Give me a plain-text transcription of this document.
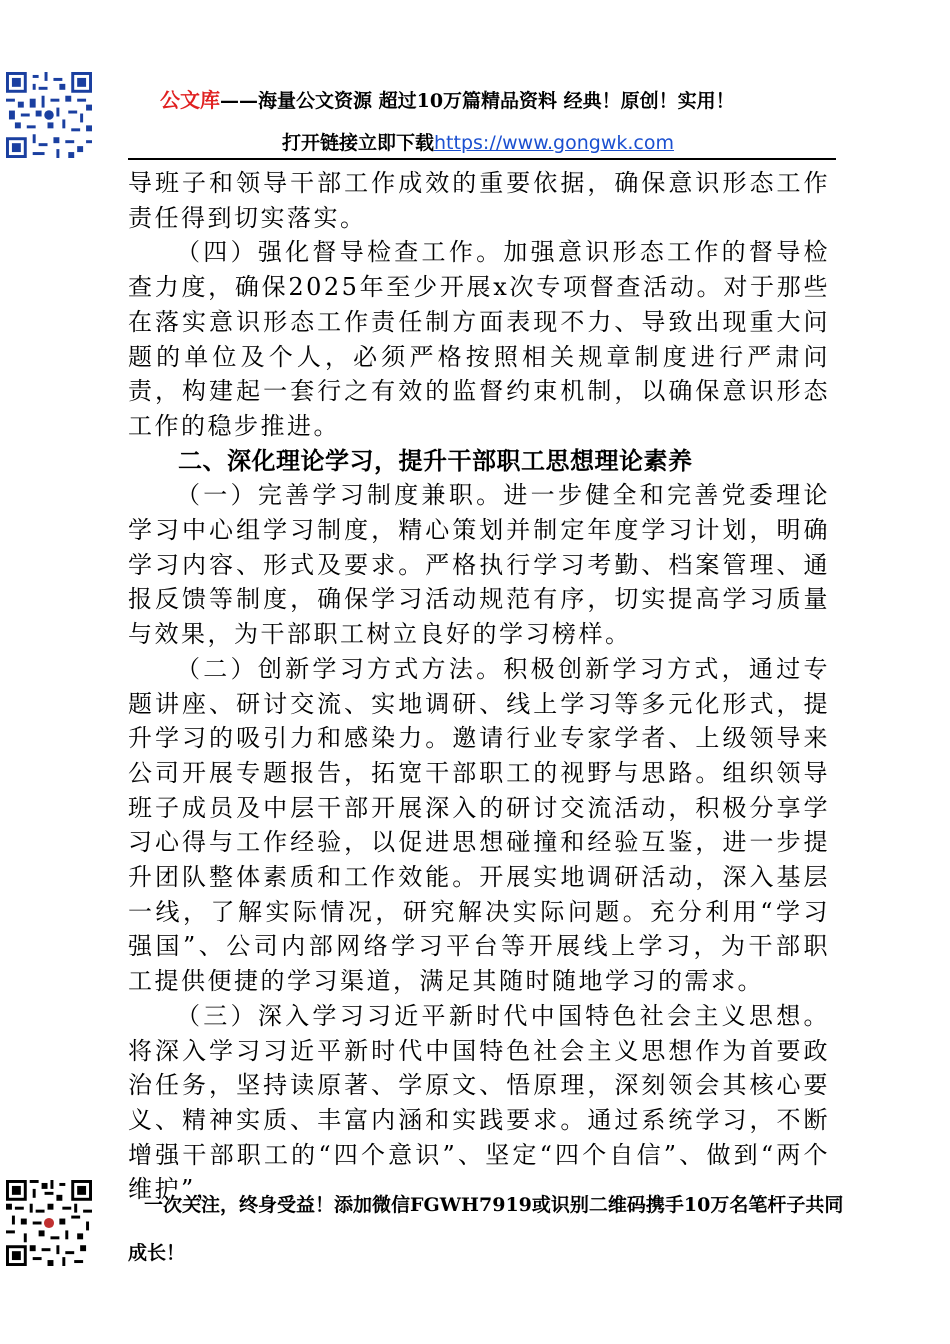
公文库——海量公文资源 超过10万篇精品资料 经典！原创！实用！
打开链接立即下载https://www.gongwk.com

导班子和领导干部工作成效的重要依据，确保意识形态工作责任得到切实落实。

（四）强化督导检查工作。加强意识形态工作的督导检查力度，确保2025年至少开展x次专项督查活动。对于那些在落实意识形态工作责任制方面表现不力、导致出现重大问题的单位及个人，必须严格按照相关规章制度进行严肃问责，构建起一套行之有效的监督约束机制，以确保意识形态工作的稳步推进。

二、深化理论学习，提升干部职工思想理论素养

（一）完善学习制度兼职。进一步健全和完善党委理论学习中心组学习制度，精心策划并制定年度学习计划，明确学习内容、形式及要求。严格执行学习考勤、档案管理、通报反馈等制度，确保学习活动规范有序，切实提高学习质量与效果，为干部职工树立良好的学习榜样。

（二）创新学习方式方法。积极创新学习方式，通过专题讲座、研讨交流、实地调研、线上学习等多元化形式，提升学习的吸引力和感染力。邀请行业专家学者、上级领导来公司开展专题报告，拓宽干部职工的视野与思路。组织领导班子成员及中层干部开展深入的研讨交流活动，积极分享学习心得与工作经验，以促进思想碰撞和经验互鉴，进一步提升团队整体素质和工作效能。开展实地调研活动，深入基层一线，了解实际情况，研究解决实际问题。充分利用“学习强国”、公司内部网络学习平台等开展线上学习，为干部职工提供便捷的学习渠道，满足其随时随地学习的需求。

（三）深入学习习近平新时代中国特色社会主义思想。将深入学习习近平新时代中国特色社会主义思想作为首要政治任务，坚持读原著、学原文、悟原理，深刻领会其核心要义、精神实质、丰富内涵和实践要求。通过系统学习，不断增强干部职工的“四个意识”、坚定“四个自信”、做到“两个维护”，

一次关注，终身受益！添加微信FGWH7919或识别二维码携手10万名笔杆子共同
成长！
